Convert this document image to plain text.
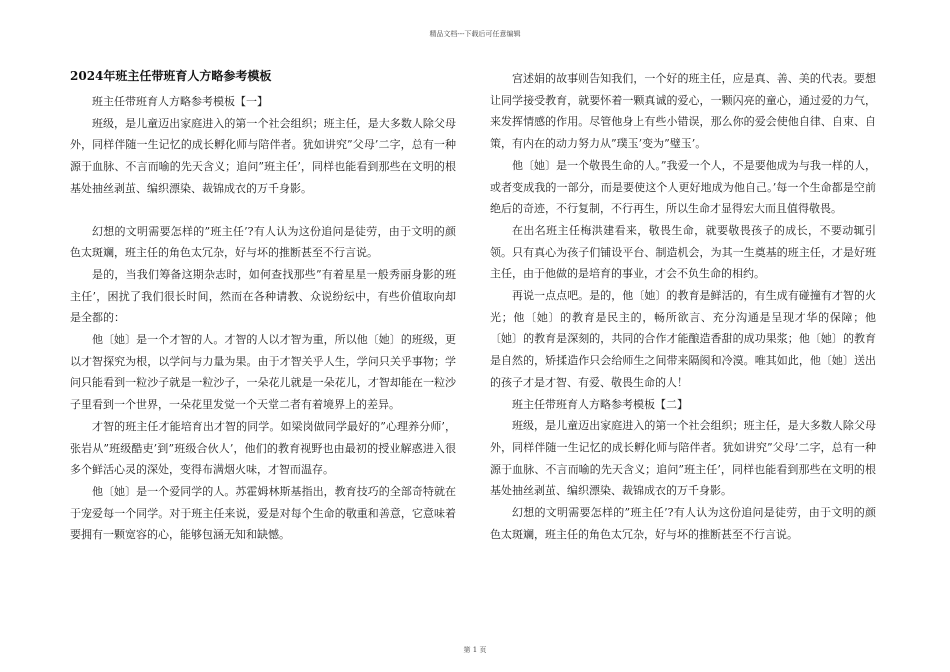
精品文档---下载后可任意编辑
2024年班主任带班育人方略参考模板

班主任带班育人方略参考模板【一】

班级，是儿童迈出家庭进入的第一个社会组织；班主任，是大多数人除父母外，同样伴随一生记忆的成长孵化师与陪伴者。犹如讲究”父母’二字，总有一种源于血脉、不言而喻的先天含义；追问”班主任’，同样也能看到那些在文明的根基处抽丝剥茧、编织漂染、裁锦成衣的万千身影。

幻想的文明需要怎样的”班主任’?有人认为这份追问是徒劳，由于文明的颜色太斑斓，班主任的角色太冗杂，好与坏的推断甚至不行言说。

是的，当我们筹备这期杂志时，如何查找那些”有着星星一般秀丽身影的班主任’，困扰了我们很长时间，然而在各种请教、众说纷纭中，有些价值取向却是全都的：

他〔她〕是一个才智的人。才智的人以才智为重，所以他〔她〕的班级，更以才智探究为根，以学问与力量为果。由于才智关乎人生，学问只关乎事物；学问只能看到一粒沙子就是一粒沙子，一朵花儿就是一朵花儿，才智却能在一粒沙子里看到一个世界，一朵花里发觉一个天堂二者有着境界上的差异。

才智的班主任才能培育出才智的同学。如梁岗做同学最好的”心理养分师’，张岩从”班级酷吏’到”班级合伙人’，他们的教育视野也由最初的授业解惑进入很多个鲜活心灵的深处，变得布满烟火味，才智而温存。

他〔她〕是一个爱同学的人。苏霍姆林斯基指出，教育技巧的全部奇特就在于宠爱每一个同学。对于班主任来说，爱是对每个生命的敬重和善意，它意味着要拥有一颗宽容的心，能够包涵无知和缺憾。

宫述娟的故事则告知我们，一个好的班主任，应是真、善、美的代表。要想让同学接受教育，就要怀着一颗真诚的爱心，一颗闪亮的童心，通过爱的力气，来发挥情感的作用。尽管他身上有些小错误，那么你的爱会使他自律、自束、自策，有内在的动力努力从”璞玉’变为”璧玉’。

他〔她〕是一个敬畏生命的人。”我爱一个人，不是要他成为与我一样的人，或者变成我的一部分，而是要使这个人更好地成为他自己。’每一个生命都是空前绝后的奇迹，不行复制，不行再生，所以生命才显得宏大而且值得敬畏。

在出名班主任梅洪建看来，敬畏生命，就要敬畏孩子的成长，不要动辄引领。只有真心为孩子们铺设平台、制造机会，为其一生奠基的班主任，才是好班主任，由于他做的是培育的事业，才会不负生命的相约。

再说一点点吧。是的，他〔她〕的教育是鲜活的，有生成有碰撞有才智的火光；他〔她〕的教育是民主的，畅所欲言、充分沟通是呈现才华的保障；他〔她〕的教育是深刻的，共同的合作才能酿造香甜的成功果浆；他〔她〕的教育是自然的，矫揉造作只会给师生之间带来隔阂和冷漠。唯其如此，他〔她〕送出的孩子才是才智、有爱、敬畏生命的人！

班主任带班育人方略参考模板【二】

班级，是儿童迈出家庭进入的第一个社会组织；班主任，是大多数人除父母外，同样伴随一生记忆的成长孵化师与陪伴者。犹如讲究”父母’二字，总有一种源于血脉、不言而喻的先天含义；追问”班主任’，同样也能看到那些在文明的根基处抽丝剥茧、编织漂染、裁锦成衣的万千身影。

幻想的文明需要怎样的”班主任’?有人认为这份追问是徒劳，由于文明的颜色太斑斓，班主任的角色太冗杂，好与坏的推断甚至不行言说。

第 1 页
